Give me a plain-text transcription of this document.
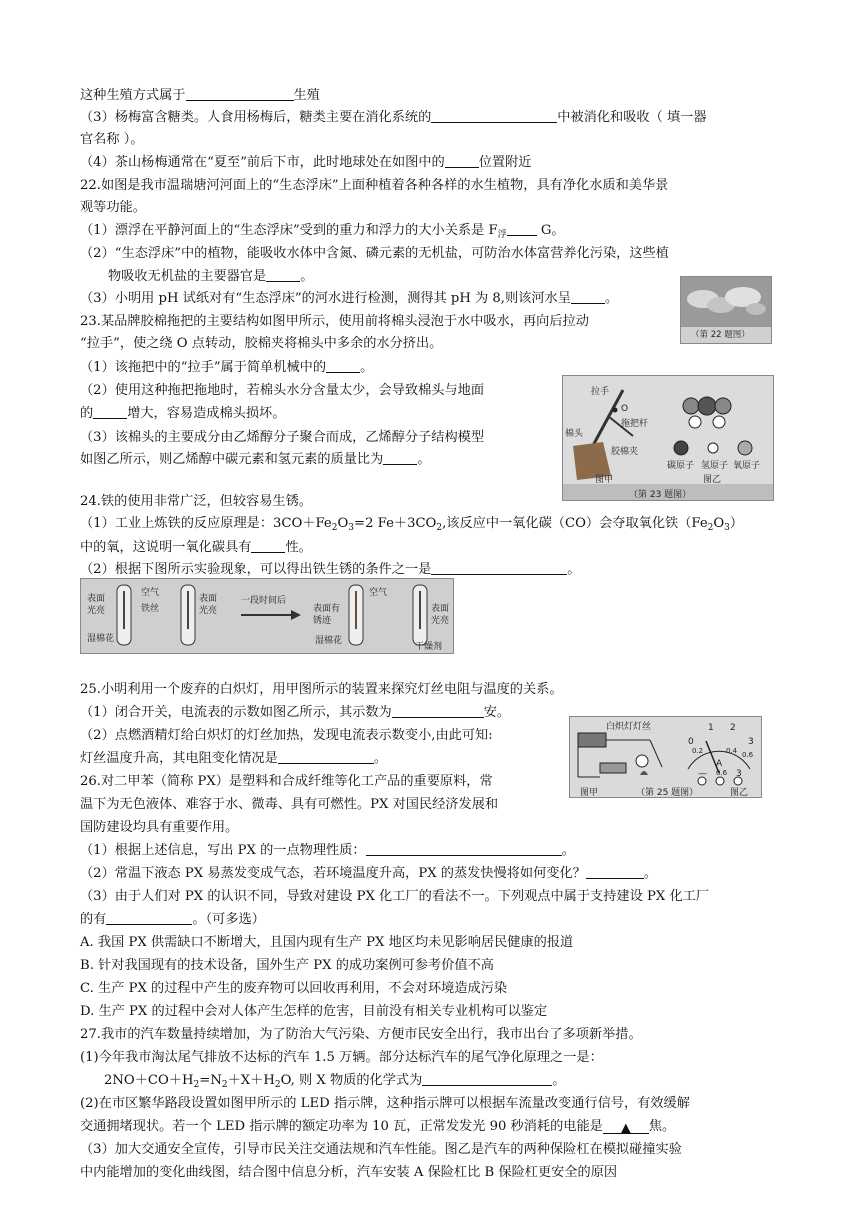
这种生殖方式属于	生殖
（3）杨梅富含糖类。人食用杨梅后，糖类主要在消化系统的	中被消化和吸收（ 填一器
官名称 ）。
（4）茶山杨梅通常在“夏至”前后下市，此时地球处在如图中的	位置附近
22.如图是我市温瑞塘河河面上的“生态浮床”上面种植着各种各样的水生植物，具有净化水质和美华景
观等功能。
（1）漂浮在平静河面上的“生态浮床”受到的重力和浮力的大小关系是 $F_浮$ G。
（2）“生态浮床”中的植物，能吸收水体中含氮、磷元素的无机盐，可防治水体富营养化污染，这些植
物吸收无机盐的主要器官是	。
（3）小明用 pH 试纸对有“生态浮床”的河水进行检测，测得其 pH 为 8,则该河水呈	。
（第 22 题图）
23.某品牌胶棉拖把的主要结构如图甲所示，使用前将棉头浸泡于水中吸水，再向后拉动
“拉手”，使之绕 O 点转动，胶棉夹将棉头中多余的水分挤出。
（1）该拖把中的“拉手”属于简单机械中的	。
（2）使用这种拖把拖地时，若棉头水分含量太少，会导致棉头与地面
的	增大，容易造成棉头损坏。
（3）该棉头的主要成分由乙烯醇分子聚合而成，乙烯醇分子结构模型
如图乙所示，则乙烯醇中碳元素和氢元素的质量比为	。
拉手
O
拖把杆
棉头
胶棉夹
碳原子 氢原子 氧原子
图甲	图乙
（第 23 题图）
24.铁的使用非常广泛，但较容易生锈。
（1）工业上炼铁的反应原理是：$3CO+Fe_2O_3=2$ $Fe+3CO_2$,该反应中一氧化碳（CO）会夺取氧化铁$(Fe_2O_3)$
中的氧，这说明一氧化碳具有	性。
（2）根据下图所示实验现象，可以得出铁生锈的条件之一是	。
表面
光亮
空气
铁丝
湿棉花
表面
光亮
一段时间后
表面有
锈迹
湿棉花
空气
表面
光亮
干燥剂
25.小明利用一个废弃的白炽灯，用甲图所示的装置来探究灯丝电阻与温度的关系。
（1）闭合开关，电流表的示数如图乙所示，其示数为	安。
（2）点燃酒精灯给白炽灯的灯丝加热，发现电流表示数变小,由此可知:
灯丝温度升高，其电阻变化情况是	。
白炽灯灯丝
0
1 2
3
0.2	0.4 0.6
A
— 0.6 3
图甲	（第 25 题图）	图乙
26.对二甲苯（简称 PX）是塑料和合成纤维等化工产品的重要原料，常
温下为无色液体、难容于水、微毒、具有可燃性。PX 对国民经济发展和
国防建设均具有重要作用。
（1）根据上述信息，写出 PX 的一点物理性质：	。
（2）常温下液态 PX 易蒸发变成气态，若环境温度升高，PX 的蒸发快慢将如何变化？	。
（3）由于人们对 PX 的认识不同，导致对建设 PX 化工厂的看法不一。下列观点中属于支持建设 PX 化工厂
的有	。（可多选）
A. 我国 PX 供需缺口不断增大，且国内现有生产 PX 地区均未见影响居民健康的报道
B. 针对我国现有的技术设备，国外生产 PX 的成功案例可参考价值不高
C. 生产 PX 的过程中产生的废弃物可以回收再利用，不会对环境造成污染
D. 生产 PX 的过程中会对人体产生怎样的危害，目前没有相关专业机构可以鉴定
27.我市的汽车数量持续增加，为了防治大气污染、方便市民安全出行，我市出台了多项新举措。
(1)今年我市淘汰尾气排放不达标的汽车 1.5 万辆。部分达标汽车的尾气净化原理之一是：
$2NO+CO+H_2=N_2+X+H_2O$, 则 X 物质的化学式为	。
(2)在市区繁华路段设置如图甲所示的 LED 指示牌，这种指示牌可以根据车流量改变通行信号，有效缓解
交通拥堵现状。若一个 LED 指示牌的额定功率为 10 瓦，正常发发光 90 秒消耗的电能是 ▲ 焦。
（3）加大交通安全宣传，引导市民关注交通法规和汽车性能。图乙是汽车的两种保险杠在模拟碰撞实验
中内能增加的变化曲线图，结合图中信息分析，汽车安装 A 保险杠比 B 保险杠更安全的原因
